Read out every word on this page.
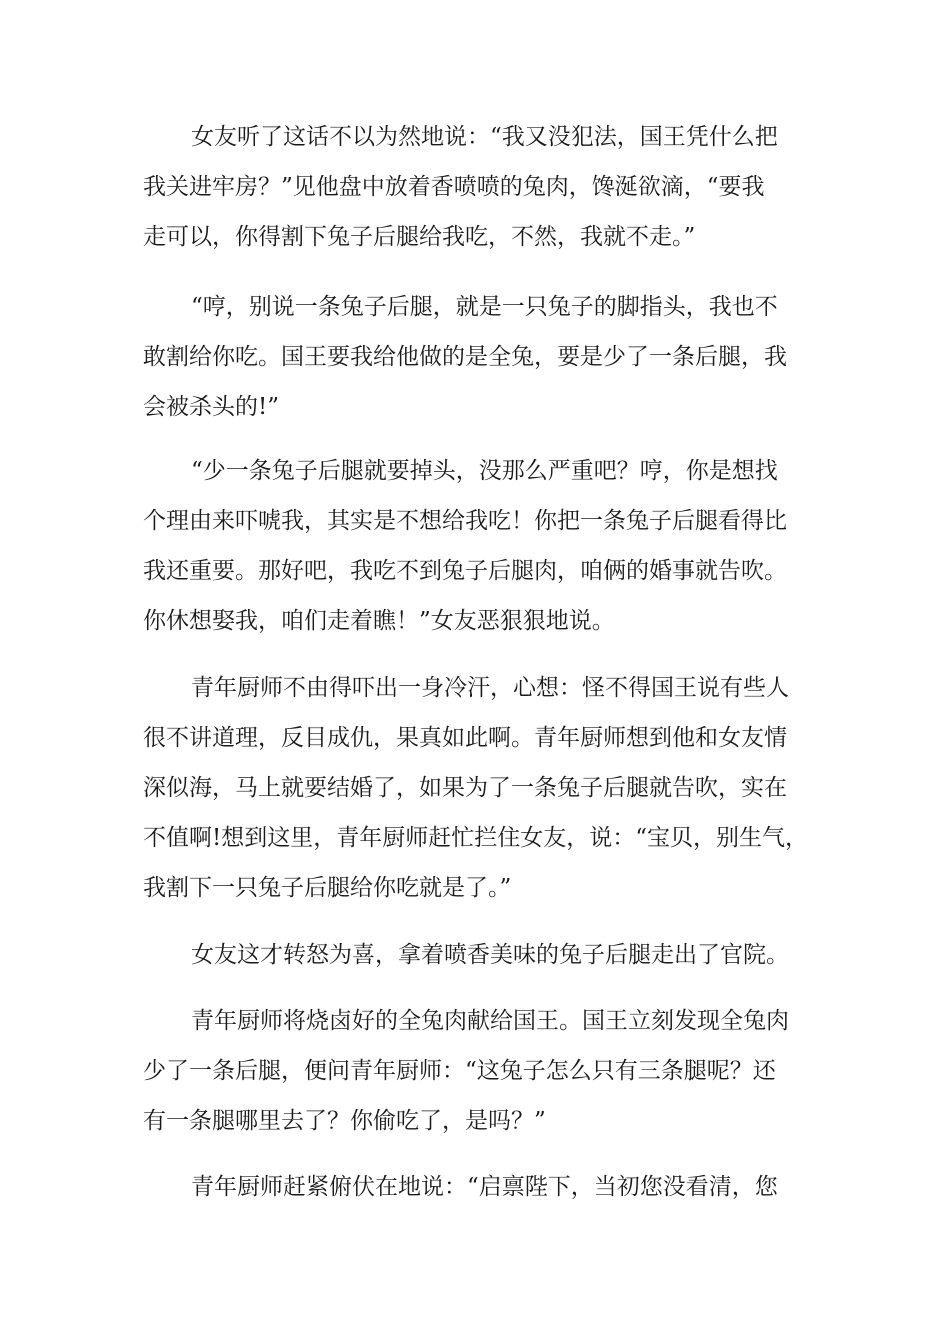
女友听了这话不以为然地说：“我又没犯法，国王凭什么把
我关进牢房？”见他盘中放着香喷喷的兔肉，馋涎欲滴，“要我
走可以，你得割下兔子后腿给我吃，不然，我就不走。”
“哼，别说一条兔子后腿，就是一只兔子的脚指头，我也不
敢割给你吃。国王要我给他做的是全兔，要是少了一条后腿，我
会被杀头的!”
“少一条兔子后腿就要掉头，没那么严重吧？哼，你是想找
个理由来吓唬我，其实是不想给我吃！你把一条兔子后腿看得比
我还重要。那好吧，我吃不到兔子后腿肉，咱俩的婚事就告吹。
你休想娶我，咱们走着瞧！”女友恶狠狠地说。
青年厨师不由得吓出一身冷汗，心想：怪不得国王说有些人
很不讲道理，反目成仇，果真如此啊。青年厨师想到他和女友情
深似海，马上就要结婚了，如果为了一条兔子后腿就告吹，实在
不值啊!想到这里，青年厨师赶忙拦住女友，说：“宝贝，别生气，
我割下一只兔子后腿给你吃就是了。”
女友这才转怒为喜，拿着喷香美味的兔子后腿走出了官院。
青年厨师将烧卤好的全兔肉献给国王。国王立刻发现全兔肉
少了一条后腿，便问青年厨师：“这兔子怎么只有三条腿呢？还
有一条腿哪里去了？你偷吃了，是吗？”
青年厨师赶紧俯伏在地说：“启禀陛下，当初您没看清，您
